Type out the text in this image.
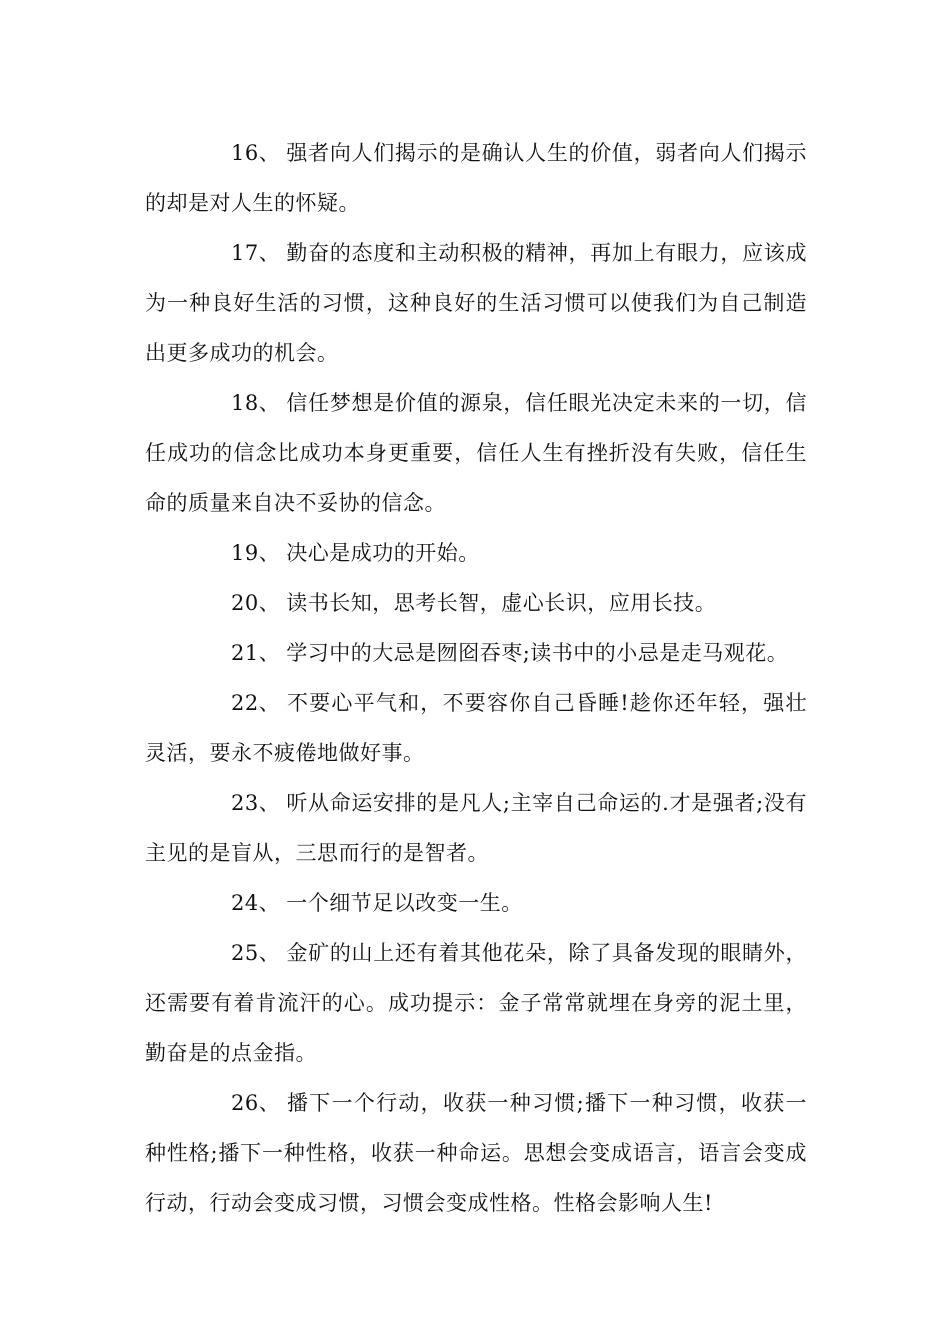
16、 强者向人们揭示的是确认人生的价值，弱者向人们揭示的却是对人生的怀疑。

17、 勤奋的态度和主动积极的精神，再加上有眼力，应该成为一种良好生活的习惯，这种良好的生活习惯可以使我们为自己制造出更多成功的机会。

18、 信任梦想是价值的源泉，信任眼光决定未来的一切，信任成功的信念比成功本身更重要，信任人生有挫折没有失败，信任生命的质量来自决不妥协的信念。

19、 决心是成功的开始。

20、 读书长知，思考长智，虚心长识，应用长技。

21、 学习中的大忌是囫囵吞枣;读书中的小忌是走马观花。

22、 不要心平气和，不要容你自己昏睡!趁你还年轻，强壮灵活，要永不疲倦地做好事。

23、 听从命运安排的是凡人;主宰自己命运的.才是强者;没有主见的是盲从，三思而行的是智者。

24、 一个细节足以改变一生。

25、 金矿的山上还有着其他花朵，除了具备发现的眼睛外，还需要有着肯流汗的心。成功提示：金子常常就埋在身旁的泥土里，勤奋是的点金指。

26、 播下一个行动，收获一种习惯;播下一种习惯，收获一种性格;播下一种性格，收获一种命运。思想会变成语言，语言会变成行动，行动会变成习惯，习惯会变成性格。性格会影响人生!
